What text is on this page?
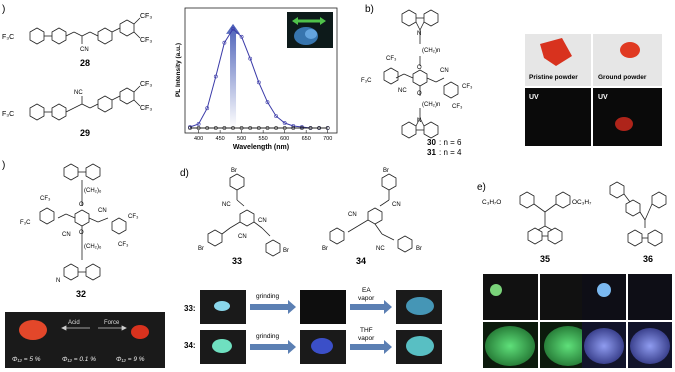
)
F₃C
CN
CF₃
CF₃
28
F₃C
NC
CF₃
CF₃
29
400 450 500 550 600 650 700
PL Intensity (a.u.)
Wavelength (nm)
b)
N
(CH₂)n
O
O
(CH₂)n
N
CF₃
F₃C
CN
NC
CF₃
CF₃
30 : n = 6
31 : n = 4
Pristine powder	Ground powder
UV	UV
)
(CH₂)₆
O
O
(CH₂)₆
F₃C
CF₃
CN
CN
CF₃
CF₃
N
32
Acid	Force
Φ₁₂ = 5 %	Φ₁₂ = 0.1 %	Φ₁₂ = 9 %
d)	Br
NC
Br
CN
CN
Br
33
Br
CN
CN
Br	NC	Br
34
33:
34:
grinding
grinding
EA
vapor
THF
vapor
e)
C₃H₇O	OC₃H₇
35	36
